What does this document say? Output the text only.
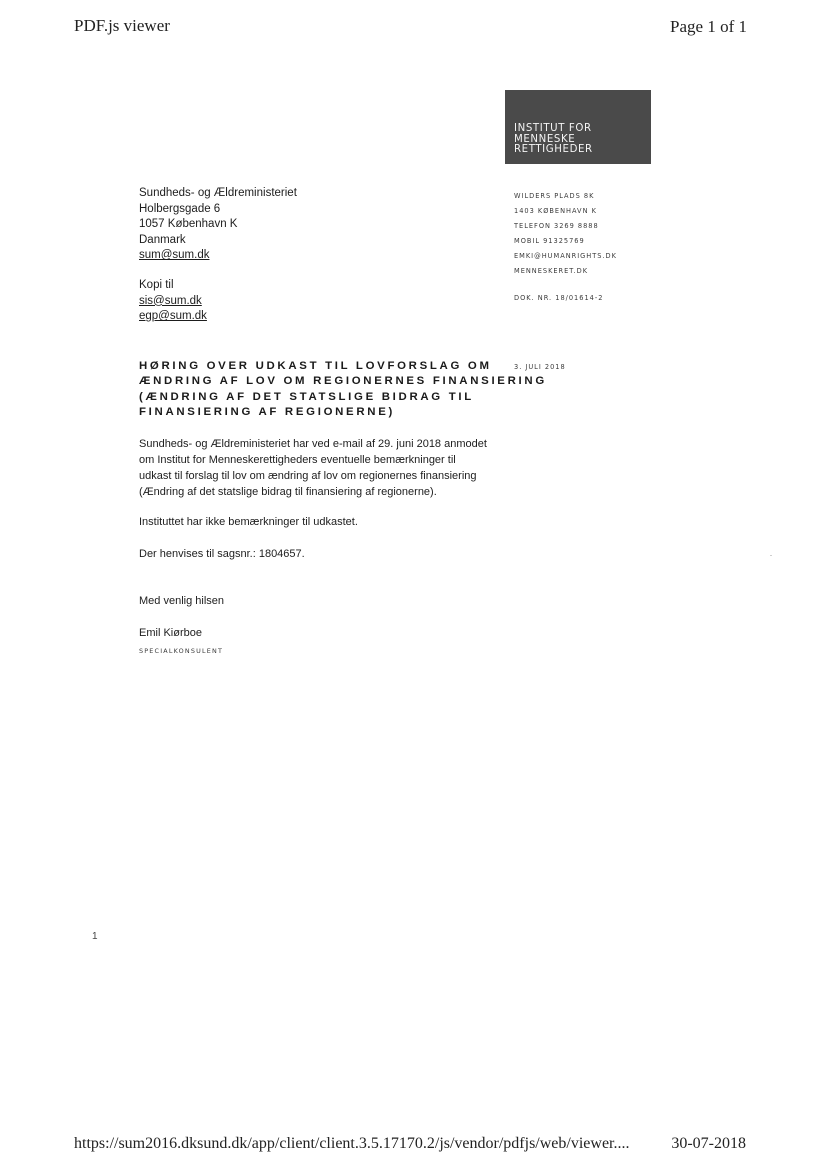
PDF.js viewer	Page 1 of 1
INSTITUT FOR
MENNESKE
RETTIGHEDER
Sundheds- og Ældreministeriet
Holbergsgade 6
1057 København K
Danmark
sum@sum.dk
Kopi til
sis@sum.dk
egp@sum.dk
WILDERS PLADS 8K
1403 KØBENHAVN K
TELEFON 3269 8888
MOBIL 91325769
EMKI@HUMANRIGHTS.DK
MENNESKERET.DK
DOK. NR. 18/01614-2
3. JULI 2018
HØRING OVER UDKAST TIL LOVFORSLAG OM
ÆNDRING AF LOV OM REGIONERNES FINANSIERING
(ÆNDRING AF DET STATSLIGE BIDRAG TIL
FINANSIERING AF REGIONERNE)
Sundheds- og Ældreministeriet har ved e-mail af 29. juni 2018 anmodet
om Institut for Menneskerettigheders eventuelle bemærkninger til
udkast til forslag til lov om ændring af lov om regionernes finansiering
(Ændring af det statslige bidrag til finansiering af regionerne).
Instituttet har ikke bemærkninger til udkastet.
Der henvises til sagsnr.: 1804657.
Med venlig hilsen
Emil Kiørboe
SPECIALKONSULENT
1
https://sum2016.dksund.dk/app/client/client.3.5.17170.2/js/vendor/pdfjs/web/viewer....	30-07-2018
